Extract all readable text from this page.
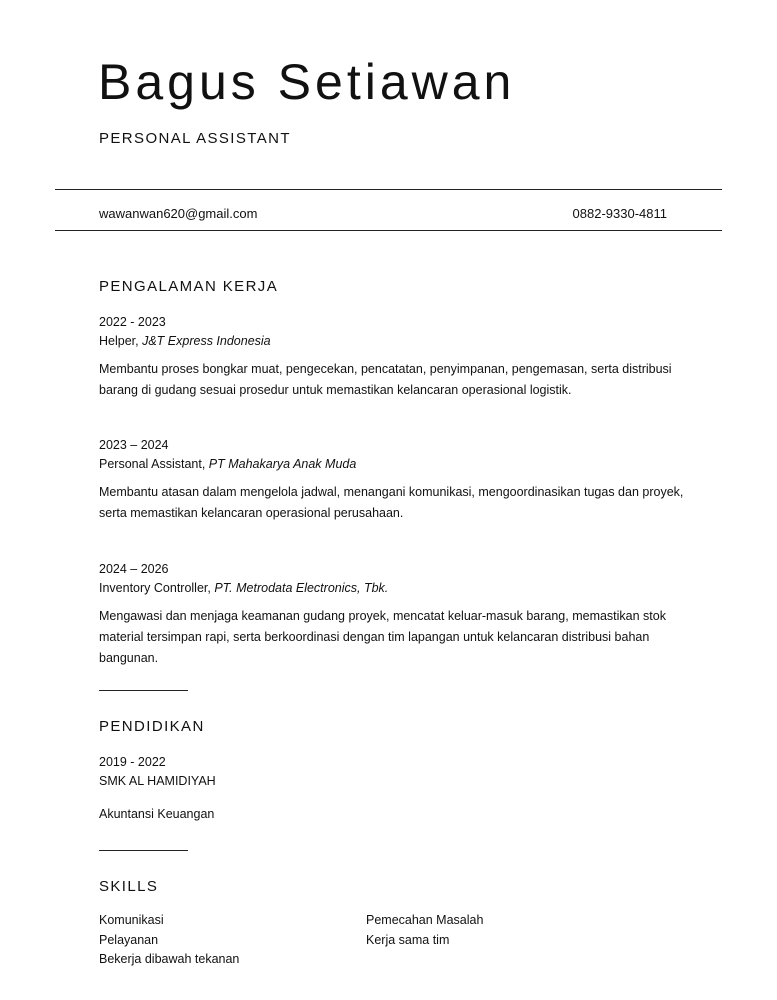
Bagus Setiawan
PERSONAL ASSISTANT
wawanwan620@gmail.com	0882-9330-4811
PENGALAMAN KERJA
2022 - 2023
Helper, J&T Express Indonesia
Membantu proses bongkar muat, pengecekan, pencatatan, penyimpanan, pengemasan, serta distribusi barang di gudang sesuai prosedur untuk memastikan kelancaran operasional logistik.
2023 – 2024
Personal Assistant, PT Mahakarya Anak Muda
Membantu atasan dalam mengelola jadwal, menangani komunikasi, mengoordinasikan tugas dan proyek, serta memastikan kelancaran operasional perusahaan.
2024 – 2026
Inventory Controller, PT. Metrodata Electronics, Tbk.
Mengawasi dan menjaga keamanan gudang proyek, mencatat keluar-masuk barang, memastikan stok material tersimpan rapi, serta berkoordinasi dengan tim lapangan untuk kelancaran distribusi bahan bangunan.
PENDIDIKAN
2019 - 2022
SMK AL HAMIDIYAH
Akuntansi Keuangan
SKILLS
Komunikasi	Pemecahan Masalah
Pelayanan	Kerja sama tim
Bekerja dibawah tekanan
